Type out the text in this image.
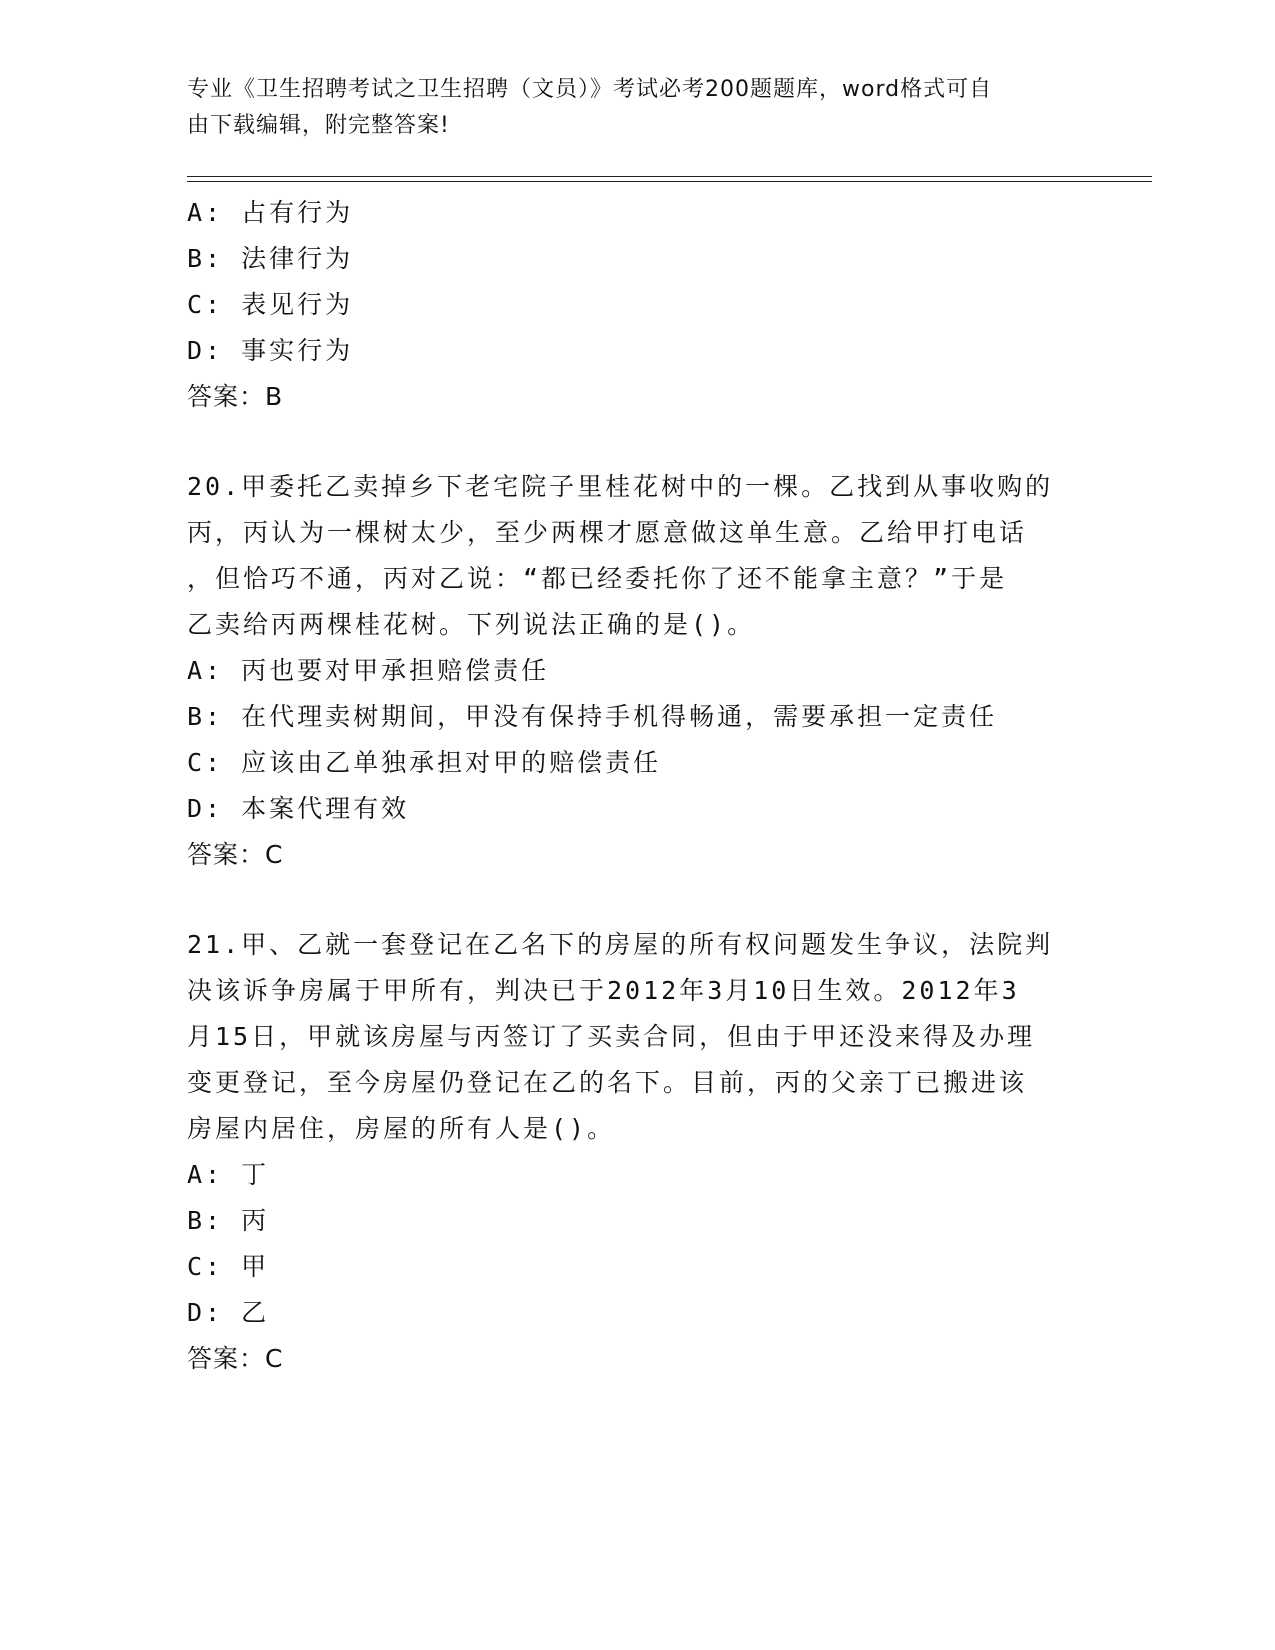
专业《卫生招聘考试之卫生招聘（文员）》考试必考200题题库，word格式可自
由下载编辑，附完整答案!
A: 占有行为
B: 法律行为
C: 表见行为
D: 事实行为
答案：B
20.甲委托乙卖掉乡下老宅院子里桂花树中的一棵。乙找到从事收购的
丙，丙认为一棵树太少，至少两棵才愿意做这单生意。乙给甲打电话
，但恰巧不通，丙对乙说：“都已经委托你了还不能拿主意？”于是
乙卖给丙两棵桂花树。下列说法正确的是()。
A: 丙也要对甲承担赔偿责任
B: 在代理卖树期间，甲没有保持手机得畅通，需要承担一定责任
C: 应该由乙单独承担对甲的赔偿责任
D: 本案代理有效
答案：C
21.甲、乙就一套登记在乙名下的房屋的所有权问题发生争议，法院判
决该诉争房属于甲所有，判决已于2012年3月10日生效。2012年3
月15日，甲就该房屋与丙签订了买卖合同，但由于甲还没来得及办理
变更登记，至今房屋仍登记在乙的名下。目前，丙的父亲丁已搬进该
房屋内居住，房屋的所有人是()。
A: 丁
B: 丙
C: 甲
D: 乙
答案：C
